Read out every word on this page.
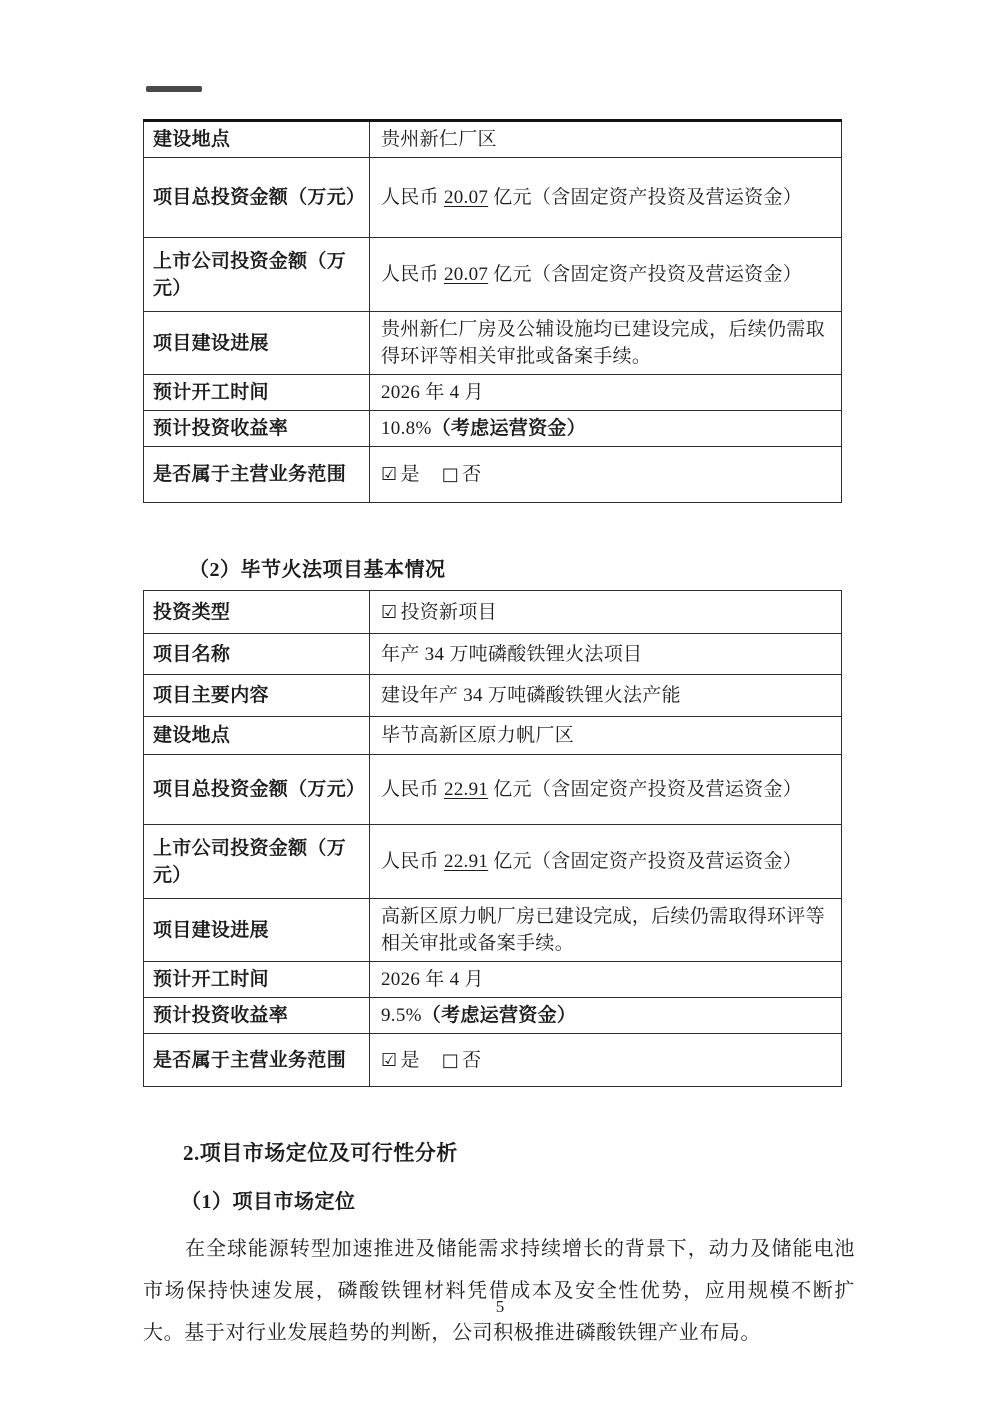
建设地点	贵州新仁厂区
项目总投资金额（万元）	人民币 20.07 亿元（含固定资产投资及营运资金）
上市公司投资金额（万元）	人民币 20.07 亿元（含固定资产投资及营运资金）
项目建设进展	贵州新仁厂房及公辅设施均已建设完成，后续仍需取得环评等相关审批或备案手续。
预计开工时间	2026 年 4 月
预计投资收益率	10.8%（考虑运营资金）
是否属于主营业务范围	☑ 是 □ 否
（2）毕节火法项目基本情况
投资类型	☑ 投资新项目
项目名称	年产 34 万吨磷酸铁锂火法项目
项目主要内容	建设年产 34 万吨磷酸铁锂火法产能
建设地点	毕节高新区原力帆厂区
项目总投资金额（万元）	人民币 22.91 亿元（含固定资产投资及营运资金）
上市公司投资金额（万元）	人民币 22.91 亿元（含固定资产投资及营运资金）
项目建设进展	高新区原力帆厂房已建设完成，后续仍需取得环评等相关审批或备案手续。
预计开工时间	2026 年 4 月
预计投资收益率	9.5%（考虑运营资金）
是否属于主营业务范围	☑ 是 □ 否
2.项目市场定位及可行性分析
（1）项目市场定位

在全球能源转型加速推进及储能需求持续增长的背景下，动力及储能电池市场保持快速发展，磷酸铁锂材料凭借成本及安全性优势，应用规模不断扩大。基于对行业发展趋势的判断，公司积极推进磷酸铁锂产业布局。

5
